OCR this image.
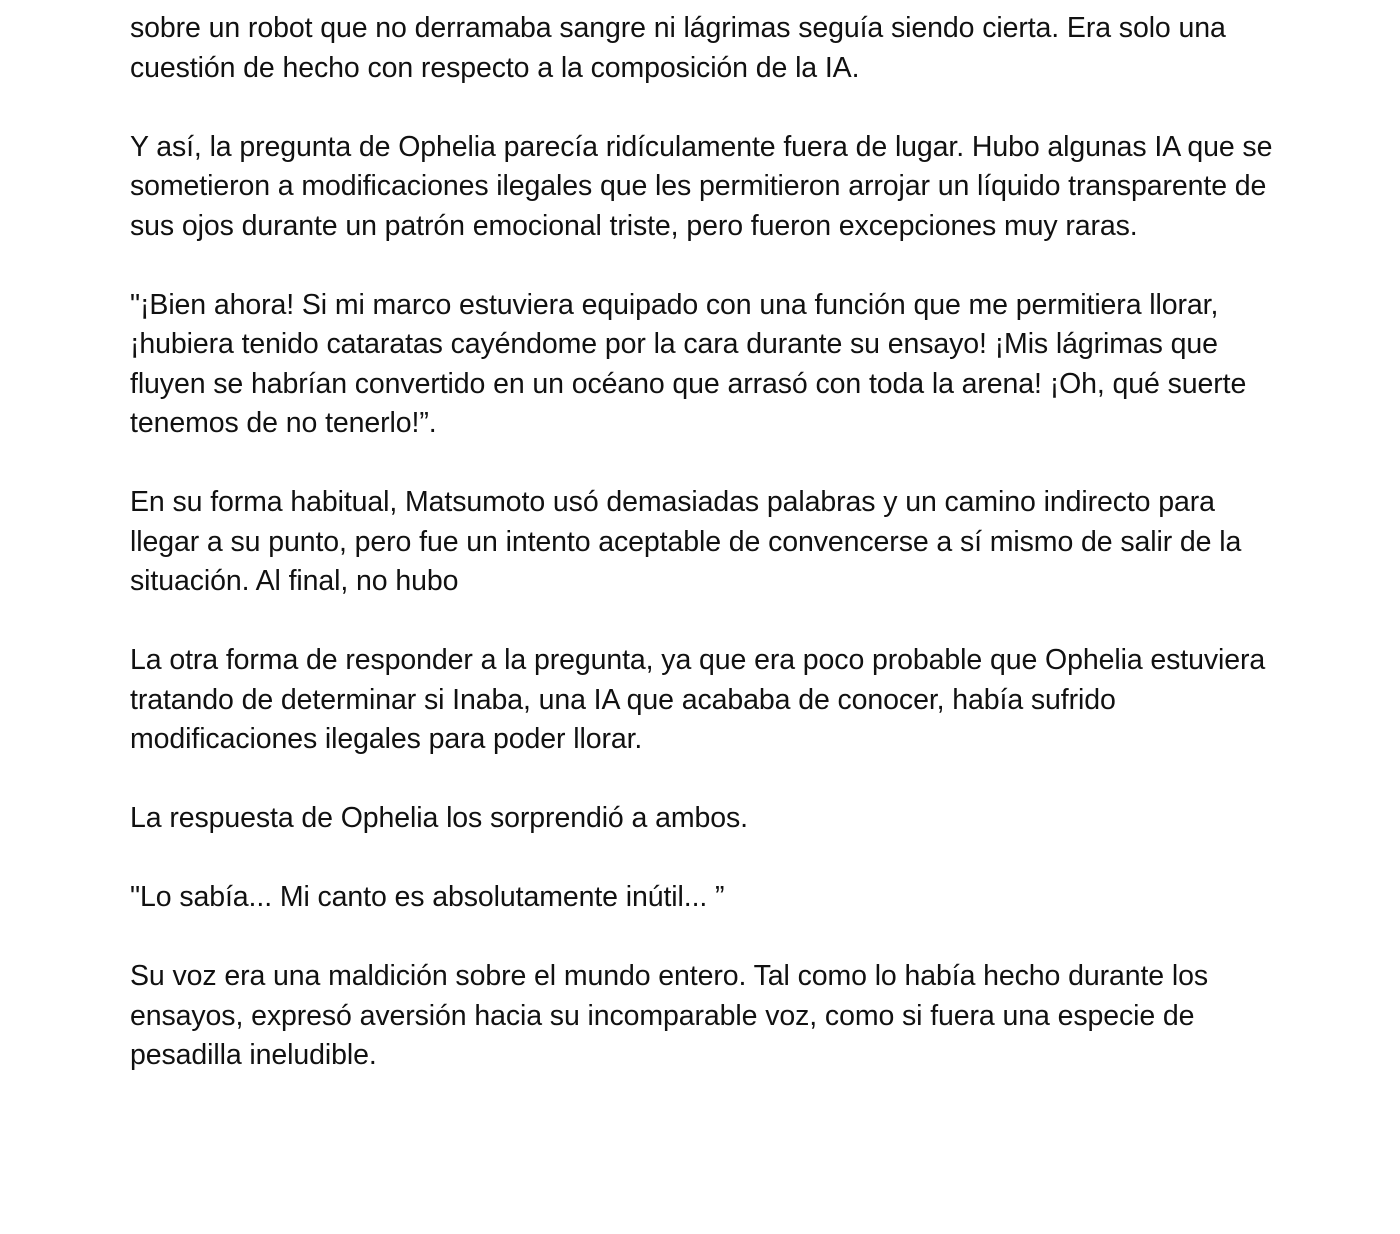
sobre un robot que no derramaba sangre ni lágrimas seguía siendo cierta. Era solo una cuestión de hecho con respecto a la composición de la IA.

Y así, la pregunta de Ophelia parecía ridículamente fuera de lugar. Hubo algunas IA que se sometieron a modificaciones ilegales que les permitieron arrojar un líquido transparente de sus ojos durante un patrón emocional triste, pero fueron excepciones muy raras.

"¡Bien ahora! Si mi marco estuviera equipado con una función que me permitiera llorar, ¡hubiera tenido cataratas cayéndome por la cara durante su ensayo! ¡Mis lágrimas que fluyen se habrían convertido en un océano que arrasó con toda la arena! ¡Oh, qué suerte tenemos de no tenerlo!”.

En su forma habitual, Matsumoto usó demasiadas palabras y un camino indirecto para llegar a su punto, pero fue un intento aceptable de convencerse a sí mismo de salir de la situación. Al final, no hubo

La otra forma de responder a la pregunta, ya que era poco probable que Ophelia estuviera tratando de determinar si Inaba, una IA que acababa de conocer, había sufrido modificaciones ilegales para poder llorar.

La respuesta de Ophelia los sorprendió a ambos.

"Lo sabía... Mi canto es absolutamente inútil... ”

Su voz era una maldición sobre el mundo entero. Tal como lo había hecho durante los ensayos, expresó aversión hacia su incomparable voz, como si fuera una especie de pesadilla ineludible.
